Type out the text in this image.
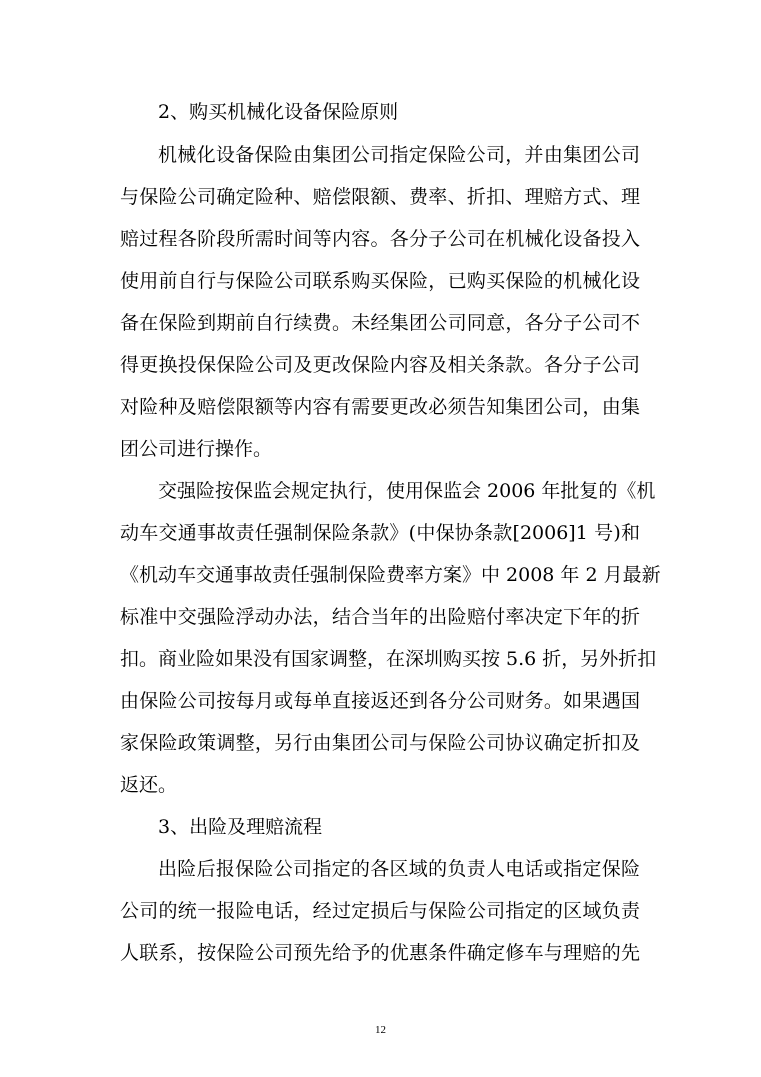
2、购买机械化设备保险原则
机械化设备保险由集团公司指定保险公司，并由集团公司
与保险公司确定险种、赔偿限额、费率、折扣、理赔方式、理
赔过程各阶段所需时间等内容。各分子公司在机械化设备投入
使用前自行与保险公司联系购买保险，已购买保险的机械化设
备在保险到期前自行续费。未经集团公司同意，各分子公司不
得更换投保保险公司及更改保险内容及相关条款。各分子公司
对险种及赔偿限额等内容有需要更改必须告知集团公司，由集
团公司进行操作。
交强险按保监会规定执行，使用保监会 2006 年批复的《机
动车交通事故责任强制保险条款》(中保协条款[2006]1 号)和
《机动车交通事故责任强制保险费率方案》中 2008 年 2 月最新
标准中交强险浮动办法，结合当年的出险赔付率决定下年的折
扣。商业险如果没有国家调整，在深圳购买按 5.6 折，另外折扣
由保险公司按每月或每单直接返还到各分公司财务。如果遇国
家保险政策调整，另行由集团公司与保险公司协议确定折扣及
返还。
3、出险及理赔流程
出险后报保险公司指定的各区域的负责人电话或指定保险
公司的统一报险电话，经过定损后与保险公司指定的区域负责
人联系，按保险公司预先给予的优惠条件确定修车与理赔的先
12
